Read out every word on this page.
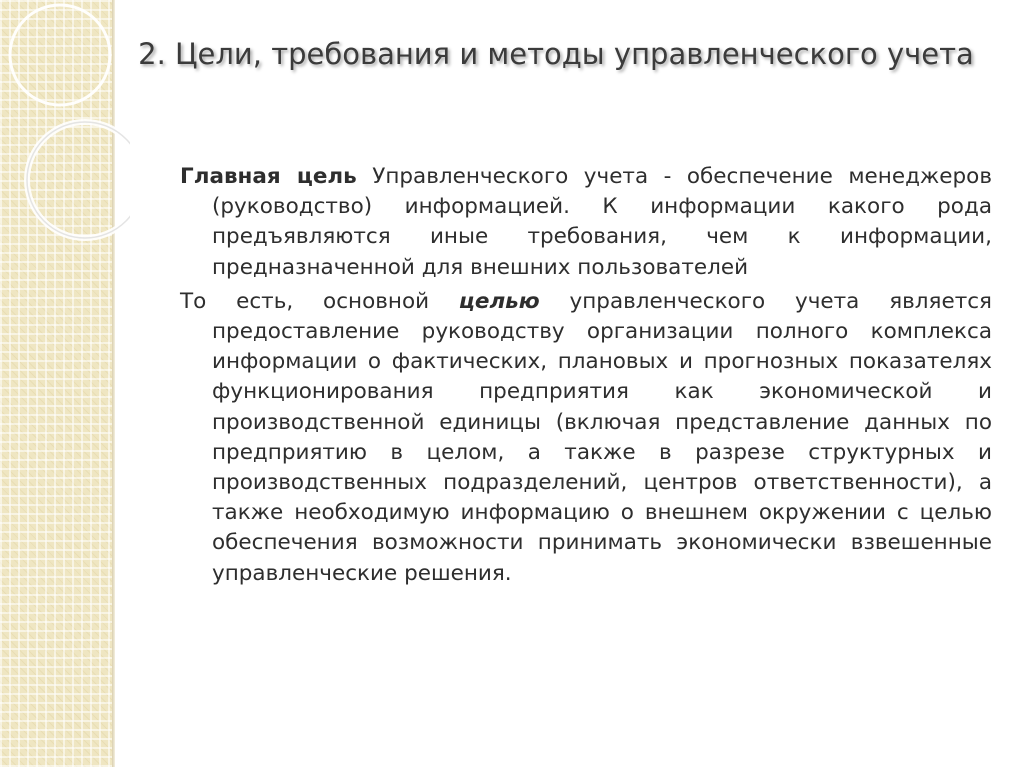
2. Цели, требования и методы управленческого учета

Главная цель Управленческого учета - обеспечение менеджеров (руководство) информацией. К информации какого рода предъявляются иные требования, чем к информации, предназначенной для внешних пользователей

То есть, основной целью управленческого учета является предоставление руководству организации полного комплекса информации о фактических, плановых и прогнозных показателях функционирования предприятия как экономической и производственной единицы (включая представление данных по предприятию в целом, а также в разрезе структурных и производственных подразделений, центров ответственности), а также необходимую информацию о внешнем окружении с целью обеспечения возможности принимать экономически взвешенные управленческие решения.
